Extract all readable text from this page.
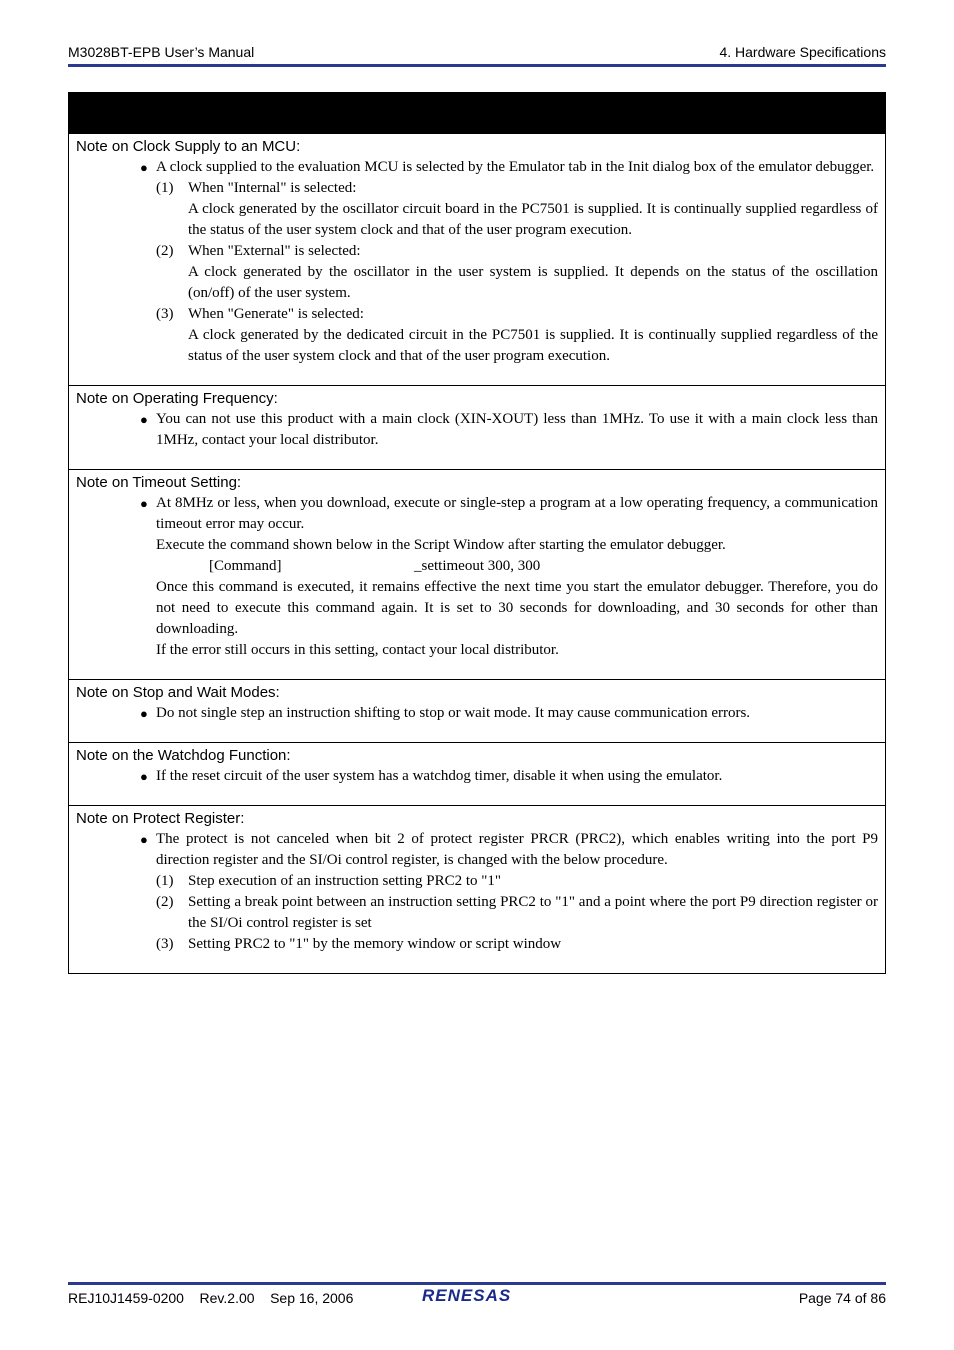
M3028BT-EPB User’s Manual	4. Hardware Specifications

Note on Clock Supply to an MCU:

● A clock supplied to the evaluation MCU is selected by the Emulator tab in the Init dialog box of the emulator debugger.
(1) When "Internal" is selected:
A clock generated by the oscillator circuit board in the PC7501 is supplied. It is continually supplied regardless of the status of the user system clock and that of the user program execution.
(2) When "External" is selected:
A clock generated by the oscillator in the user system is supplied. It depends on the status of the oscillation (on/off) of the user system.
(3) When "Generate" is selected:
A clock generated by the dedicated circuit in the PC7501 is supplied. It is continually supplied regardless of the status of the user system clock and that of the user program execution.

Note on Operating Frequency:

● You can not use this product with a main clock (XIN-XOUT) less than 1MHz. To use it with a main clock less than 1MHz, contact your local distributor.

Note on Timeout Setting:

● At 8MHz or less, when you download, execute or single-step a program at a low operating frequency, a communication timeout error may occur.
Execute the command shown below in the Script Window after starting the emulator debugger.
[Command]	_settimeout 300, 300
Once this command is executed, it remains effective the next time you start the emulator debugger. Therefore, you do not need to execute this command again. It is set to 30 seconds for downloading, and 30 seconds for other than downloading.
If the error still occurs in this setting, contact your local distributor.

Note on Stop and Wait Modes:

● Do not single step an instruction shifting to stop or wait mode. It may cause communication errors.

Note on the Watchdog Function:

● If the reset circuit of the user system has a watchdog timer, disable it when using the emulator.

Note on Protect Register:

● The protect is not canceled when bit 2 of protect register PRCR (PRC2), which enables writing into the port P9 direction register and the SI/Oi control register, is changed with the below procedure.
(1) Step execution of an instruction setting PRC2 to "1"
(2) Setting a break point between an instruction setting PRC2 to "1" and a point where the port P9 direction register or the SI/Oi control register is set
(3) Setting PRC2 to "1" by the memory window or script window
REJ10J1459-0200    Rev.2.00    Sep 16, 2006	RENESAS	Page 74 of 86
